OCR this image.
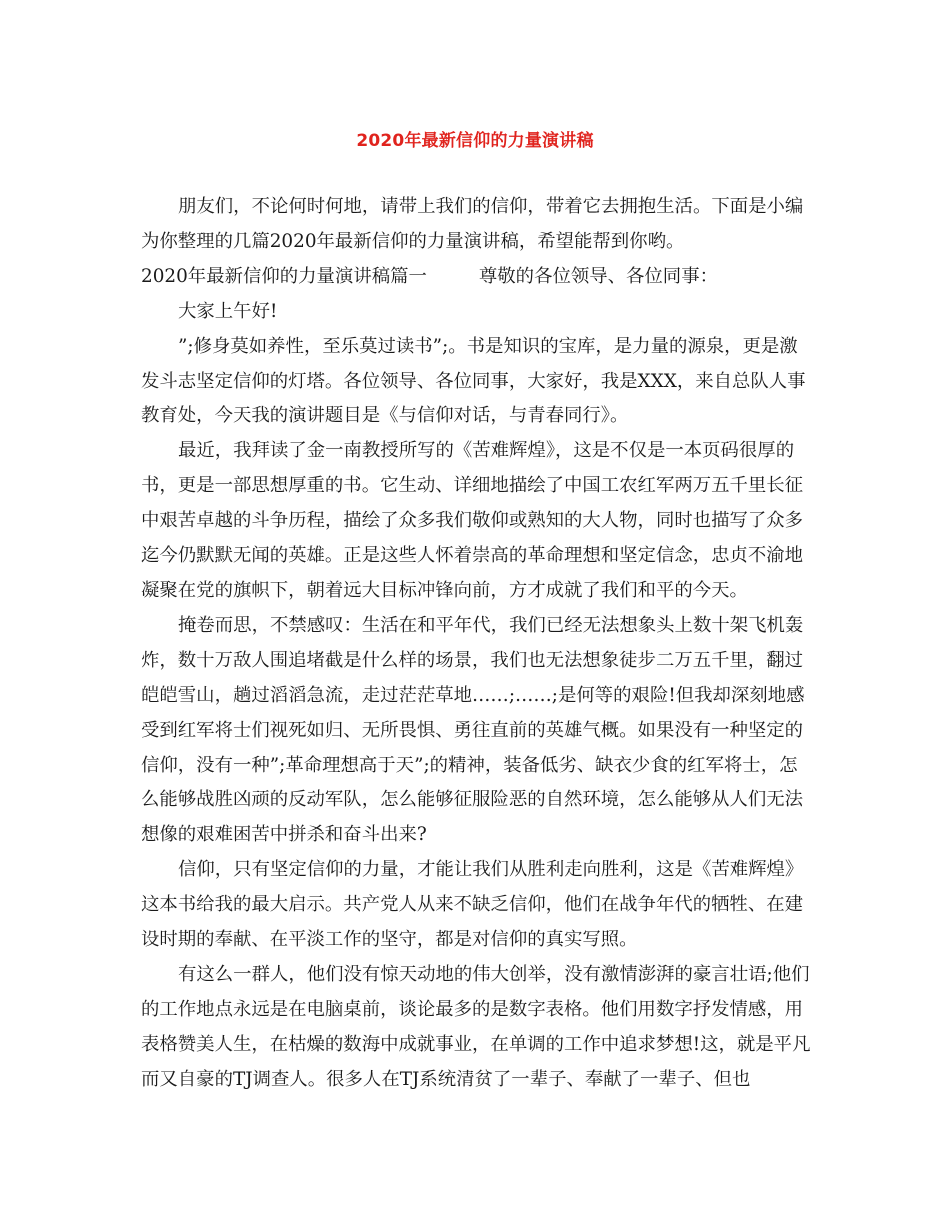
2020年最新信仰的力量演讲稿

朋友们，不论何时何地，请带上我们的信仰，带着它去拥抱生活。下面是小编为你整理的几篇2020年最新信仰的力量演讲稿，希望能帮到你哟。

2020年最新信仰的力量演讲稿篇一	尊敬的各位领导、各位同事：

大家上午好!

”;修身莫如养性，至乐莫过读书”;。书是知识的宝库，是力量的源泉，更是激发斗志坚定信仰的灯塔。各位领导、各位同事，大家好，我是XXX，来自总队人事教育处，今天我的演讲题目是《与信仰对话，与青春同行》。

最近，我拜读了金一南教授所写的《苦难辉煌》，这是不仅是一本页码很厚的书，更是一部思想厚重的书。它生动、详细地描绘了中国工农红军两万五千里长征中艰苦卓越的斗争历程，描绘了众多我们敬仰或熟知的大人物，同时也描写了众多迄今仍默默无闻的英雄。正是这些人怀着崇高的革命理想和坚定信念，忠贞不渝地凝聚在党的旗帜下，朝着远大目标冲锋向前，方才成就了我们和平的今天。

掩卷而思，不禁感叹：生活在和平年代，我们已经无法想象头上数十架飞机轰炸，数十万敌人围追堵截是什么样的场景，我们也无法想象徒步二万五千里，翻过皑皑雪山，趟过滔滔急流，走过茫茫草地……;……;是何等的艰险!但我却深刻地感受到红军将士们视死如归、无所畏惧、勇往直前的英雄气概。如果没有一种坚定的信仰，没有一种”;革命理想高于天”;的精神，装备低劣、缺衣少食的红军将士，怎么能够战胜凶顽的反动军队，怎么能够征服险恶的自然环境，怎么能够从人们无法想像的艰难困苦中拼杀和奋斗出来?

信仰，只有坚定信仰的力量，才能让我们从胜利走向胜利，这是《苦难辉煌》这本书给我的最大启示。共产党人从来不缺乏信仰，他们在战争年代的牺牲、在建设时期的奉献、在平淡工作的坚守，都是对信仰的真实写照。

有这么一群人，他们没有惊天动地的伟大创举，没有激情澎湃的豪言壮语;他们的工作地点永远是在电脑桌前，谈论最多的是数字表格。他们用数字抒发情感，用表格赞美人生，在枯燥的数海中成就事业，在单调的工作中追求梦想!这，就是平凡而又自豪的TJ调查人。很多人在TJ系统清贫了一辈子、奉献了一辈子、但也
